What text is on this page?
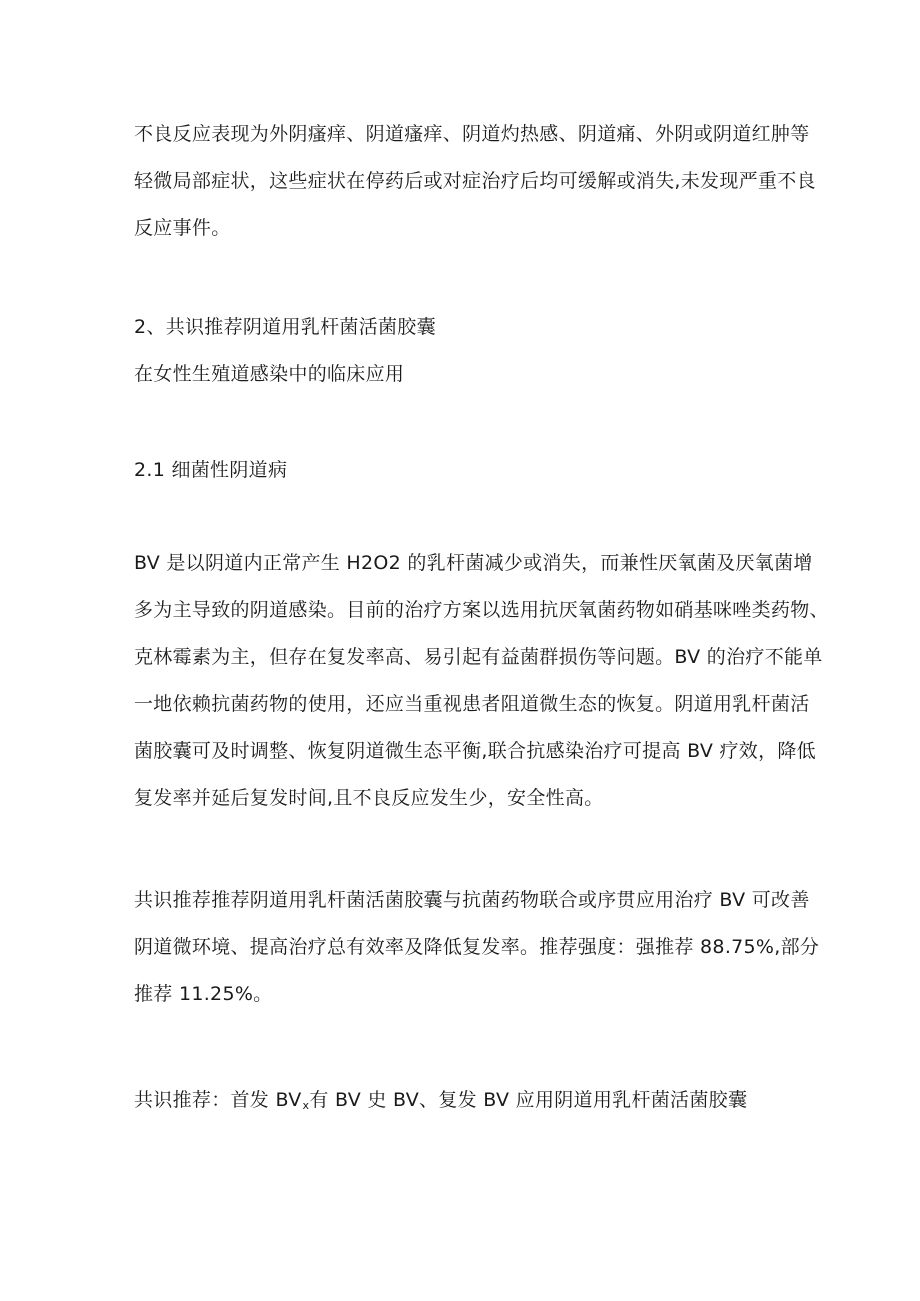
不良反应表现为外阴瘙痒、阴道瘙痒、阴道灼热感、阴道痛、外阴或阴道红肿等
轻微局部症状，这些症状在停药后或对症治疗后均可缓解或消失,未发现严重不良
反应事件。

2、共识推荐阴道用乳杆菌活菌胶囊
在女性生殖道感染中的临床应用

2.1 细菌性阴道病

BV 是以阴道内正常产生 H2O2 的乳杆菌减少或消失，而兼性厌氧菌及厌氧菌增
多为主导致的阴道感染。目前的治疗方案以选用抗厌氧菌药物如硝基咪唑类药物、
克林霉素为主，但存在复发率高、易引起有益菌群损伤等问题。BV 的治疗不能单
一地依赖抗菌药物的使用，还应当重视患者阻道微生态的恢复。阴道用乳杆菌活
菌胶囊可及时调整、恢复阴道微生态平衡,联合抗感染治疗可提高 BV 疗效，降低
复发率并延后复发时间,且不良反应发生少，安全性高。

共识推荐推荐阴道用乳杆菌活菌胶囊与抗菌药物联合或序贯应用治疗 BV 可改善
阴道微环境、提高治疗总有效率及降低复发率。推荐强度：强推荐 88.75%,部分
推荐 11.25%。

共识推荐：首发 $BV_x$有 BV 史 BV、复发 BV 应用阴道用乳杆菌活菌胶囊
